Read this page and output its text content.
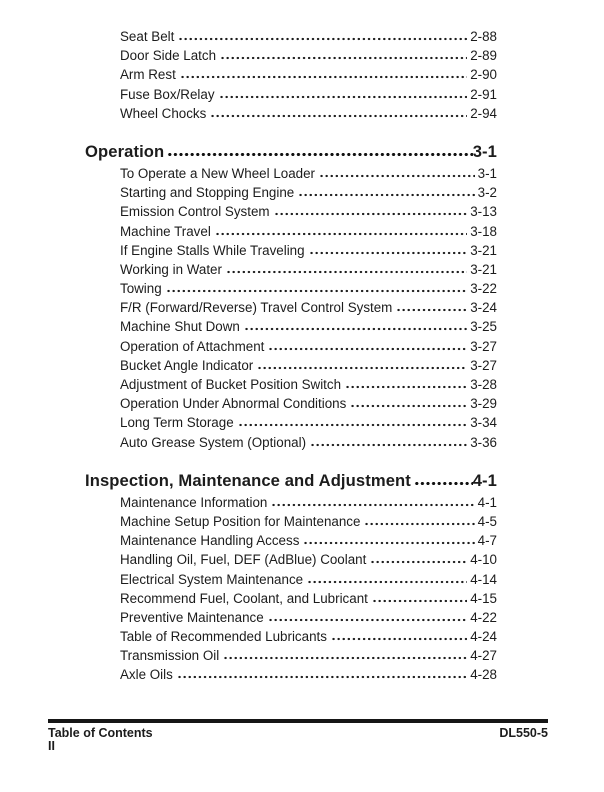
Seat Belt	2-88
Door Side Latch	2-89
Arm Rest	2-90
Fuse Box/Relay	2-91
Wheel Chocks	2-94
Operation	3-1
To Operate a New Wheel Loader	3-1
Starting and Stopping Engine	3-2
Emission Control System	3-13
Machine Travel	3-18
If Engine Stalls While Traveling	3-21
Working in Water	3-21
Towing	3-22
F/R (Forward/Reverse) Travel Control System	3-24
Machine Shut Down	3-25
Operation of Attachment	3-27
Bucket Angle Indicator	3-27
Adjustment of Bucket Position Switch	3-28
Operation Under Abnormal Conditions	3-29
Long Term Storage	3-34
Auto Grease System (Optional)	3-36
Inspection, Maintenance and Adjustment	4-1
Maintenance Information	4-1
Machine Setup Position for Maintenance	4-5
Maintenance Handling Access	4-7
Handling Oil, Fuel, DEF (AdBlue) Coolant	4-10
Electrical System Maintenance	4-14
Recommend Fuel, Coolant, and Lubricant	4-15
Preventive Maintenance	4-22
Table of Recommended Lubricants	4-24
Transmission Oil	4-27
Axle Oils	4-28
Table of Contents	DL550-5
II
